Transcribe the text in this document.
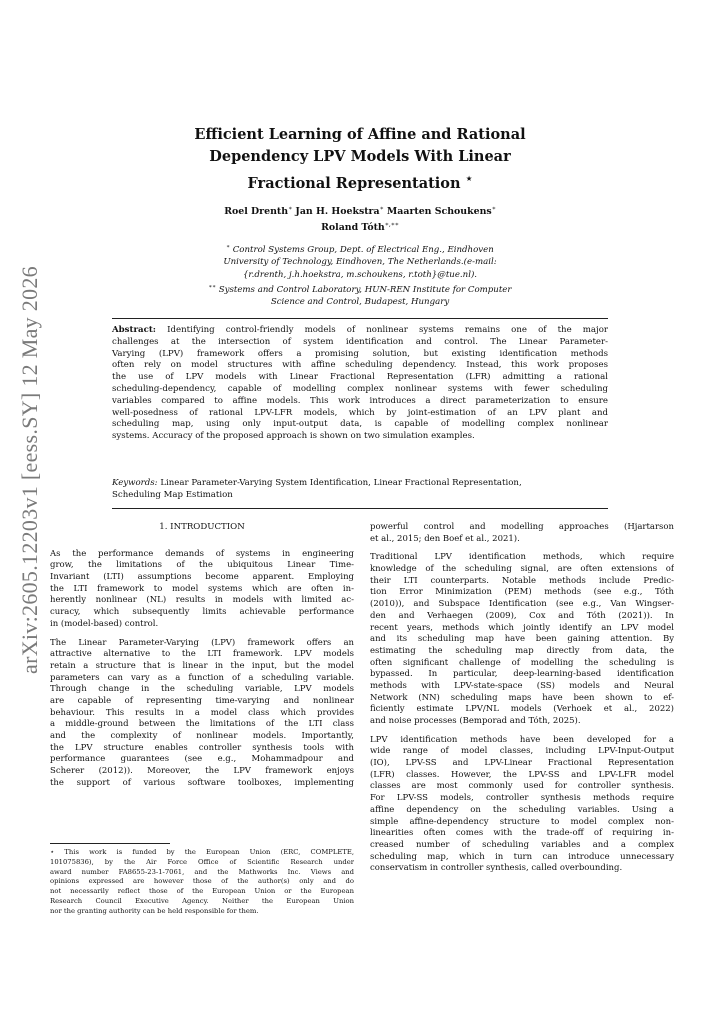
arXiv:2605.12203v1 [eess.SY] 12 May 2026
Efficient Learning of Affine and Rational
Dependency LPV Models With Linear
Fractional Representation ⋆
Roel Drenth∗ Jan H. Hoekstra∗ Maarten Schoukens∗
Roland Tóth∗,∗∗
∗ Control Systems Group, Dept. of Electrical Eng., Eindhoven
University of Technology, Eindhoven, The Netherlands.(e-mail:
{r.drenth, j.h.hoekstra, m.schoukens, r.toth}@tue.nl).
∗∗ Systems and Control Laboratory, HUN-REN Institute for Computer
Science and Control, Budapest, Hungary
Abstract: Identifying control-friendly models of nonlinear systems remains one of the major
challenges at the intersection of system identification and control. The Linear Parameter-
Varying (LPV) framework offers a promising solution, but existing identification methods
often rely on model structures with affine scheduling dependency. Instead, this work proposes
the use of LPV models with Linear Fractional Representation (LFR) admitting a rational
scheduling-dependency, capable of modelling complex nonlinear systems with fewer scheduling
variables compared to affine models. This work introduces a direct parameterization to ensure
well-posedness of rational LPV-LFR models, which by joint-estimation of an LPV plant and
scheduling map, using only input-output data, is capable of modelling complex nonlinear
systems. Accuracy of the proposed approach is shown on two simulation examples.
Keywords: Linear Parameter-Varying System Identification, Linear Fractional Representation,
Scheduling Map Estimation
1. INTRODUCTION
As the performance demands of systems in engineering
grow, the limitations of the ubiquitous Linear Time-
Invariant (LTI) assumptions become apparent. Employing
the LTI framework to model systems which are often in-
herently nonlinear (NL) results in models with limited ac-
curacy, which subsequently limits achievable performance
in (model-based) control.
The Linear Parameter-Varying (LPV) framework offers an
attractive alternative to the LTI framework. LPV models
retain a structure that is linear in the input, but the model
parameters can vary as a function of a scheduling variable.
Through change in the scheduling variable, LPV models
are capable of representing time-varying and nonlinear
behaviour. This results in a model class which provides
a middle-ground between the limitations of the LTI class
and the complexity of nonlinear models. Importantly,
the LPV structure enables controller synthesis tools with
performance guarantees (see e.g., Mohammadpour and
Scherer (2012)). Moreover, the LPV framework enjoys
the support of various software toolboxes, implementing
⋆ This work is funded by the European Union (ERC, COMPLETE,
101075836), by the Air Force Office of Scientific Research under
award number FA8655-23-1-7061, and the Mathworks Inc. Views and
opinions expressed are however those of the author(s) only and do
not necessarily reflect those of the European Union or the European
Research Council Executive Agency. Neither the European Union
nor the granting authority can be held responsible for them.
powerful control and modelling approaches (Hjartarson
et al., 2015; den Boef et al., 2021).
Traditional LPV identification methods, which require
knowledge of the scheduling signal, are often extensions of
their LTI counterparts. Notable methods include Predic-
tion Error Minimization (PEM) methods (see e.g., Tóth
(2010)), and Subspace Identification (see e.g., Van Wingser-
den and Verhaegen (2009), Cox and Tóth (2021)). In
recent years, methods which jointly identify an LPV model
and its scheduling map have been gaining attention. By
estimating the scheduling map directly from data, the
often significant challenge of modelling the scheduling is
bypassed. In particular, deep-learning-based identification
methods with LPV-state-space (SS) models and Neural
Network (NN) scheduling maps have been shown to ef-
ficiently estimate LPV/NL models (Verhoek et al., 2022)
and noise processes (Bemporad and Tóth, 2025).
LPV identification methods have been developed for a
wide range of model classes, including LPV-Input-Output
(IO), LPV-SS and LPV-Linear Fractional Representation
(LFR) classes. However, the LPV-SS and LPV-LFR model
classes are most commonly used for controller synthesis.
For LPV-SS models, controller synthesis methods require
affine dependency on the scheduling variables. Using a
simple affine-dependency structure to model complex non-
linearities often comes with the trade-off of requiring in-
creased number of scheduling variables and a complex
scheduling map, which in turn can introduce unnecessary
conservatism in controller synthesis, called overbounding.
